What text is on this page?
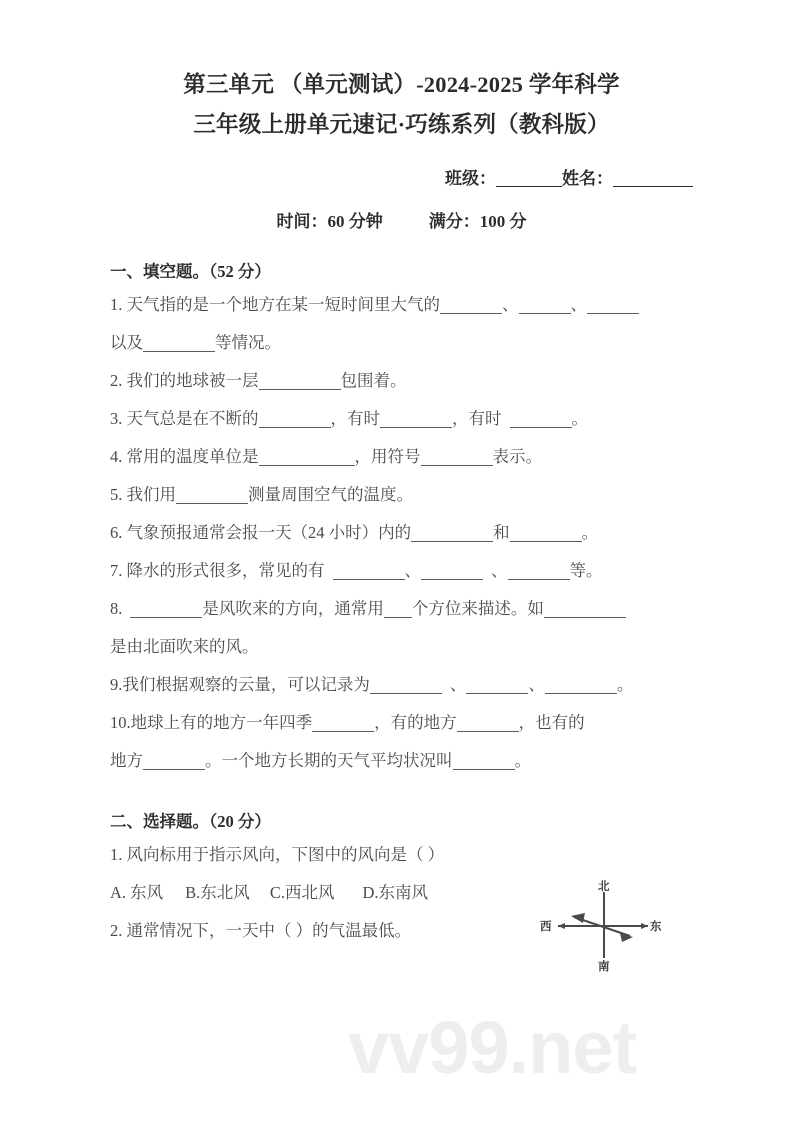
vv99.net
第三单元 （单元测试）-2024-2025 学年科学
三年级上册单元速记·巧练系列（教科版）
班级：	姓名：
时间：60 分钟	满分：100 分
一、填空题。（52 分）
1. 天气指的是一个地方在某一短时间里大气的	、	、
以及	等情况。
2. 我们的地球被一层	包围着。
3. 天气总是在不断的	，有时	，有时	。
4. 常用的温度单位是	，用符号	表示。
5. 我们用	测量周围空气的温度。
6. 气象预报通常会报一天（24 小时）内的	和	。
7. 降水的形式很多，常见的有	、	、	等。
8.	是风吹来的方向，通常用 个方位来描述。如
是由北面吹来的风。
9.我们根据观察的云量，可以记录为	、	、	。
10.地球上有的地方一年四季	，有的地方	，也有的
地方	。一个地方长期的天气平均状况叫	。
二、选择题。（20 分）
1. 风向标用于指示风向，下图中的风向是（ ）
A. 东风 B.东北风 C.西北风 D.东南风
2. 通常情况下，一天中（ ）的气温最低。
北
南
西	东
